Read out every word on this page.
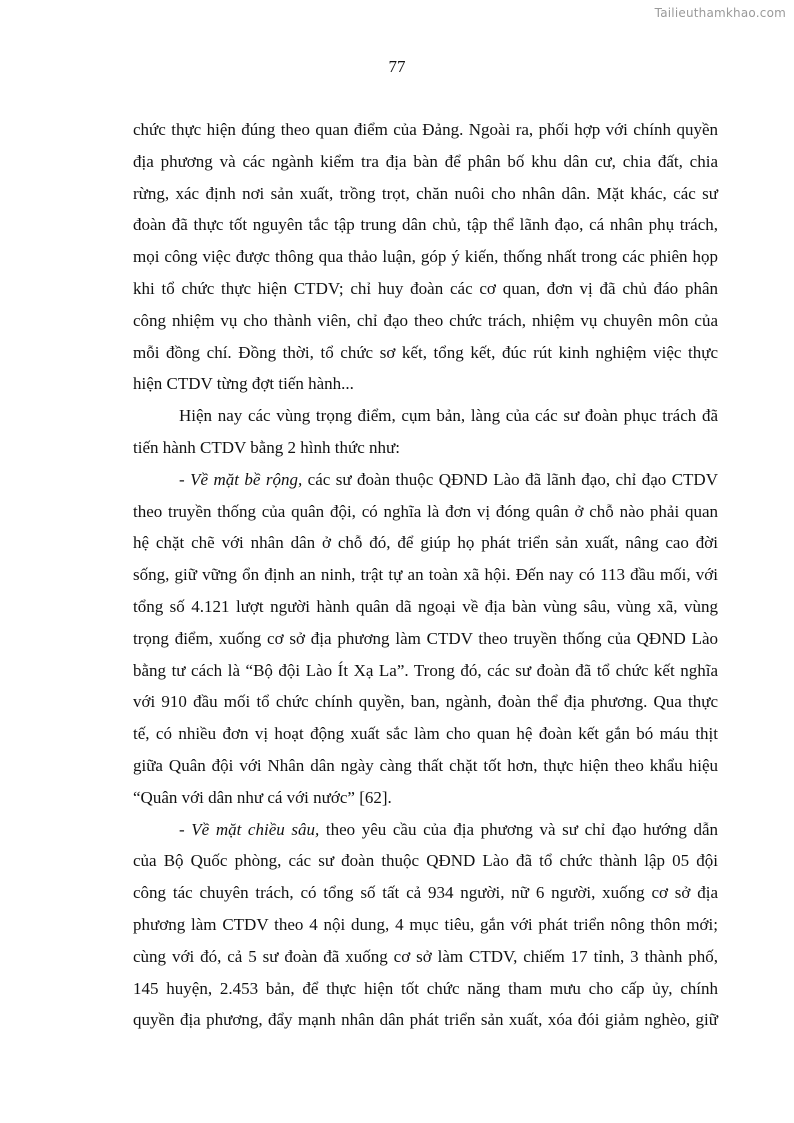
Tailieuthamkhao.com
77
chức thực hiện đúng theo quan điểm của Đảng. Ngoài ra, phối hợp với chính quyền
địa phương và các ngành kiểm tra địa bàn để phân bố khu dân cư, chia đất, chia
rừng, xác định nơi sản xuất, trồng trọt, chăn nuôi cho nhân dân. Mặt khác, các sư
đoàn đã thực tốt nguyên tắc tập trung dân chủ, tập thể lãnh đạo, cá nhân phụ trách,
mọi công việc được thông qua thảo luận, góp ý kiến, thống nhất trong các phiên họp
khi tổ chức thực hiện CTDV; chỉ huy đoàn các cơ quan, đơn vị đã chủ đáo phân
công nhiệm vụ cho thành viên, chỉ đạo theo chức trách, nhiệm vụ chuyên môn của
mỗi đồng chí. Đồng thời, tổ chức sơ kết, tổng kết, đúc rút kinh nghiệm việc thực
hiện CTDV từng đợt tiến hành...
Hiện nay các vùng trọng điểm, cụm bản, làng của các sư đoàn phục trách đã
tiến hành CTDV bằng 2 hình thức như:
- Về mặt bề rộng, các sư đoàn thuộc QĐND Lào đã lãnh đạo, chỉ đạo CTDV
theo truyền thống của quân đội, có nghĩa là đơn vị đóng quân ở chỗ nào phải quan
hệ chặt chẽ với nhân dân ở chỗ đó, để giúp họ phát triển sản xuất, nâng cao đời
sống, giữ vững ổn định an ninh, trật tự an toàn xã hội. Đến nay có 113 đầu mối, với
tổng số 4.121 lượt người hành quân dã ngoại về địa bàn vùng sâu, vùng xã, vùng
trọng điểm, xuống cơ sở địa phương làm CTDV theo truyền thống của QĐND Lào
bằng tư cách là “Bộ đội Lào Ít Xạ La”. Trong đó, các sư đoàn đã tổ chức kết nghĩa
với 910 đầu mối tổ chức chính quyền, ban, ngành, đoàn thể địa phương. Qua thực
tế, có nhiều đơn vị hoạt động xuất sắc làm cho quan hệ đoàn kết gắn bó máu thịt
giữa Quân đội với Nhân dân ngày càng thất chặt tốt hơn, thực hiện theo khẩu hiệu
“Quân với dân như cá với nước” [62].
- Về mặt chiều sâu, theo yêu cầu của địa phương và sư chỉ đạo hướng dẫn
của Bộ Quốc phòng, các sư đoàn thuộc QĐND Lào đã tổ chức thành lập 05 đội
công tác chuyên trách, có tổng số tất cả 934 người, nữ 6 người, xuống cơ sở địa
phương làm CTDV theo 4 nội dung, 4 mục tiêu, gắn với phát triển nông thôn mới;
cùng với đó, cả 5 sư đoàn đã xuống cơ sở làm CTDV, chiếm 17 tỉnh, 3 thành phố,
145 huyện, 2.453 bản, để thực hiện tốt chức năng tham mưu cho cấp ủy, chính
quyền địa phương, đẩy mạnh nhân dân phát triển sản xuất, xóa đói giảm nghèo, giữ
